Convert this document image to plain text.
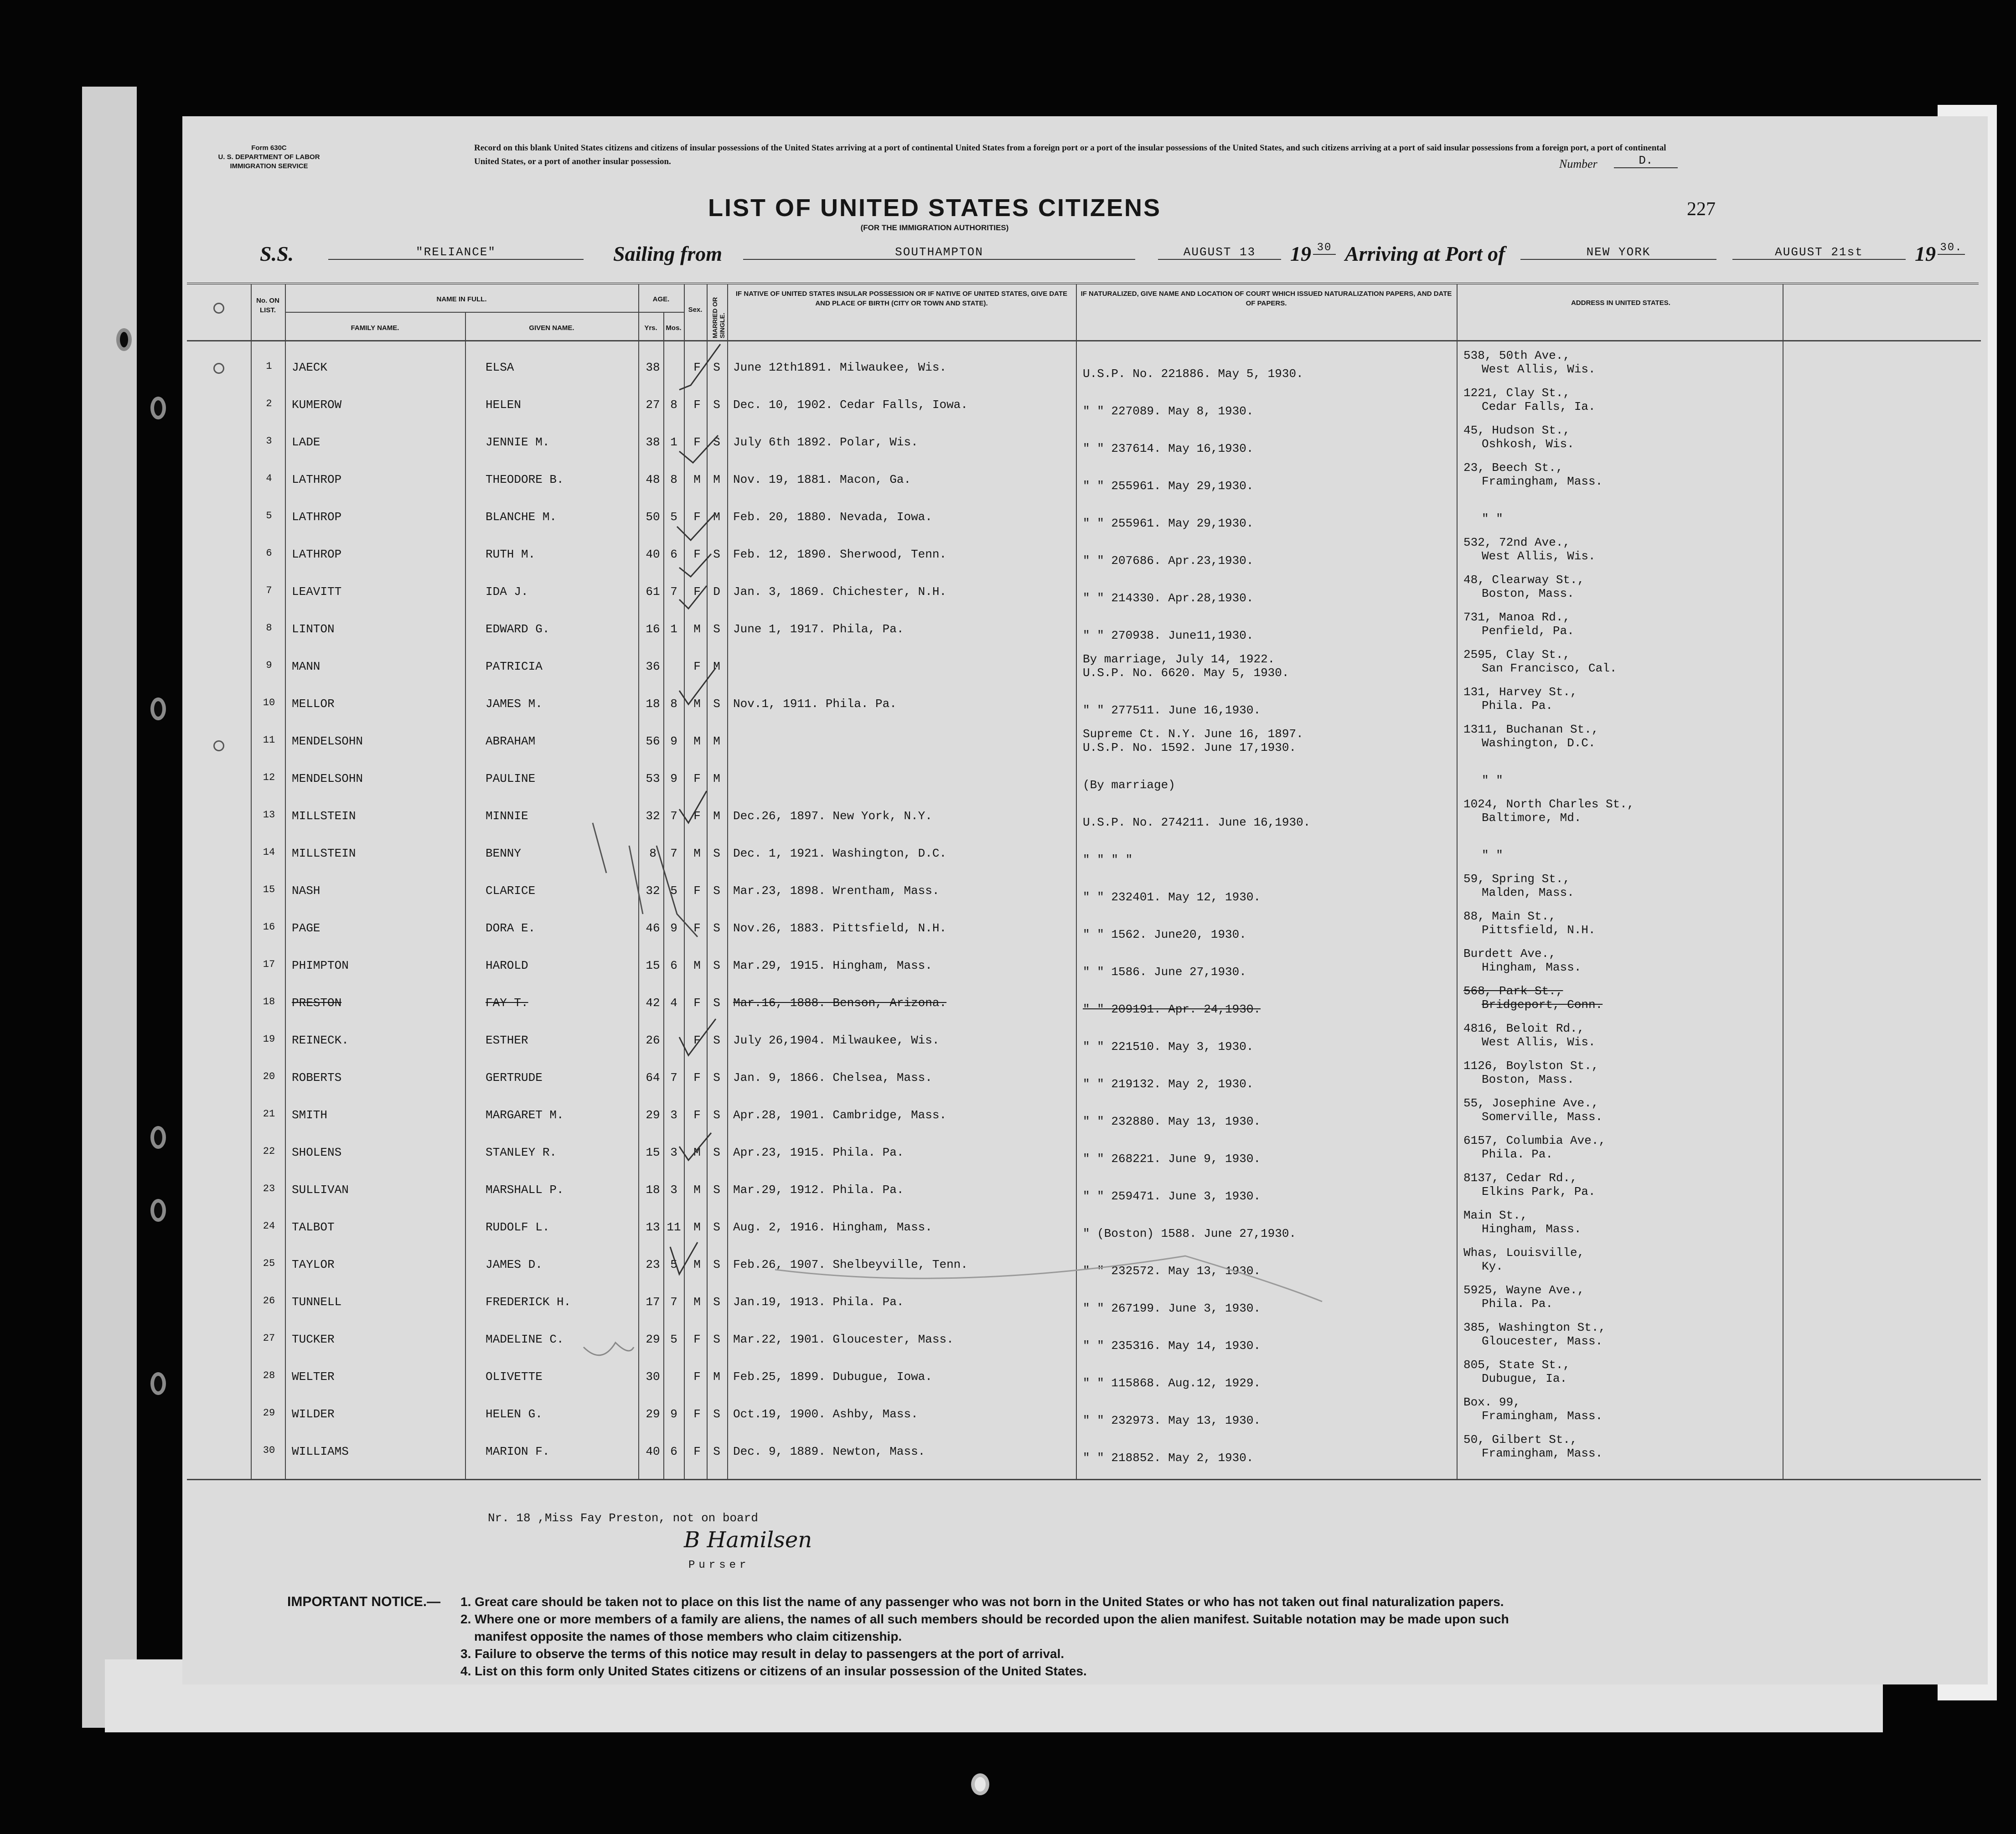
Form 630C
U. S. DEPARTMENT OF LABOR
IMMIGRATION SERVICE
Record on this blank United States citizens and citizens of insular possessions of the United States arriving at a port of continental United States from a foreign port or a port of the insular possessions of the United States, and such citizens arriving at a port of said insular possessions from a foreign port, a port of continental United States, or a port of another insular possession.	Number	D.
LIST OF UNITED STATES CITIZENS
(FOR THE IMMIGRATION AUTHORITIES)
227
S.S.	"RELIANCE"	Sailing from	SOUTHAMPTON	AUGUST 13	19 30 Arriving at Port of	NEW YORK	AUGUST 21st	19 30.
No. ON LIST.
NAME IN FULL.
FAMILY NAME.	GIVEN NAME.
AGE.
Yrs.	Mos.
Sex.	MARRIED OR SINGLE.
IF NATIVE OF UNITED STATES INSULAR POSSESSION OR IF NATIVE OF UNITED STATES, GIVE DATE AND PLACE OF BIRTH (CITY OR TOWN AND STATE).
IF NATURALIZED, GIVE NAME AND LOCATION OF COURT WHICH ISSUED NATURALIZATION PAPERS, AND DATE OF PAPERS.	ADDRESS IN UNITED STATES.
1	JAECK	ELSA	38	F	S	June 12th1891. Milwaukee, Wis.	U.S.P. No. 221886. May 5, 1930.
538, 50th Ave.,
West Allis, Wis.
2	KUMEROW	HELEN	27 8	F	S	Dec. 10, 1902. Cedar Falls, Iowa.	" " 227089. May 8, 1930.
1221, Clay St.,
Cedar Falls, Ia.
3	LADE	JENNIE M.	38 1	F	S	July 6th 1892. Polar, Wis.	" " 237614. May 16,1930.
45, Hudson St.,
Oshkosh, Wis.
4	LATHROP	THEODORE B.	48 8	M	M	Nov. 19, 1881. Macon, Ga.	" " 255961. May 29,1930.
23, Beech St.,
Framingham, Mass.
5	LATHROP	BLANCHE M.	50 5	F	M	Feb. 20, 1880. Nevada, Iowa.	" " 255961. May 29,1930.	" "
6	LATHROP	RUTH M.	40 6	F	S	Feb. 12, 1890. Sherwood, Tenn.	" " 207686. Apr.23,1930.
532, 72nd Ave.,
West Allis, Wis.
7	LEAVITT	IDA J.	61 7	F	D	Jan. 3, 1869. Chichester, N.H.	" " 214330. Apr.28,1930.
48, Clearway St.,
Boston, Mass.
8	LINTON	EDWARD G.	16 1	M	S	June 1, 1917. Phila, Pa.	" " 270938. June11,1930.
731, Manoa Rd.,
Penfield, Pa.
9	MANN	PATRICIA	36	F	M
By marriage, July 14, 1922.
U.S.P. No. 6620. May 5, 1930.
2595, Clay St.,
San Francisco, Cal.
10	MELLOR	JAMES M.	18 8	M	S	Nov.1, 1911. Phila. Pa.	" " 277511. June 16,1930.
131, Harvey St.,
Phila. Pa.
11	MENDELSOHN	ABRAHAM	56 9	M	M
Supreme Ct. N.Y. June 16, 1897.
U.S.P. No. 1592. June 17,1930.
1311, Buchanan St.,
Washington, D.C.
12	MENDELSOHN	PAULINE	53 9	F	M	(By marriage)	" "
13	MILLSTEIN	MINNIE	32 7	F	M	Dec.26, 1897. New York, N.Y.	U.S.P. No. 274211. June 16,1930.
1024, North Charles St.,
Baltimore, Md.
14	MILLSTEIN	BENNY	8	7	M	S	Dec. 1, 1921. Washington, D.C.	" " " "	" "
15	NASH	CLARICE	32 5	F	S	Mar.23, 1898. Wrentham, Mass.	" " 232401. May 12, 1930.
59, Spring St.,
Malden, Mass.
16	PAGE	DORA E.	46 9	F	S	Nov.26, 1883. Pittsfield, N.H.	" " 1562. June20, 1930.
88, Main St.,
Pittsfield, N.H.
17	PHIMPTON	HAROLD	15 6	M	S	Mar.29, 1915. Hingham, Mass.	" " 1586. June 27,1930.
Burdett Ave.,
Hingham, Mass.
18	PRESTON	FAY T.	42 4	F	S	Mar.16, 1888. Benson, Arizona.	" " 209191. Apr. 24,1930.
568, Park St.,
Bridgeport, Conn.
19	REINECK.	ESTHER	26	F	S	July 26,1904. Milwaukee, Wis.	" " 221510. May 3, 1930.
4816, Beloit Rd.,
West Allis, Wis.
20	ROBERTS	GERTRUDE	64 7	F	S	Jan. 9, 1866. Chelsea, Mass.	" " 219132. May 2, 1930.
1126, Boylston St.,
Boston, Mass.
21	SMITH	MARGARET M.	29 3	F	S	Apr.28, 1901. Cambridge, Mass.	" " 232880. May 13, 1930.
55, Josephine Ave.,
Somerville, Mass.
22	SHOLENS	STANLEY R.	15 3	M	S	Apr.23, 1915. Phila. Pa.	" " 268221. June 9, 1930.
6157, Columbia Ave.,
Phila. Pa.
23	SULLIVAN	MARSHALL P.	18 3	M	S	Mar.29, 1912. Phila. Pa.	" " 259471. June 3, 1930.
8137, Cedar Rd.,
Elkins Park, Pa.
24	TALBOT	RUDOLF L.	13 11	M	S	Aug. 2, 1916. Hingham, Mass.	" (Boston) 1588. June 27,1930.
Main St.,
Hingham, Mass.
25	TAYLOR	JAMES D.	23 5	M	S	Feb.26, 1907. Shelbeyville, Tenn.	" " 232572. May 13, 1930.
Whas, Louisville,
Ky.
26	TUNNELL	FREDERICK H.	17 7	M	S	Jan.19, 1913. Phila. Pa.	" " 267199. June 3, 1930.
5925, Wayne Ave.,
Phila. Pa.
27	TUCKER	MADELINE C.	29 5	F	S	Mar.22, 1901. Gloucester, Mass.	" " 235316. May 14, 1930.
385, Washington St.,
Gloucester, Mass.
28	WELTER	OLIVETTE	30	F	M	Feb.25, 1899. Dubugue, Iowa.	" " 115868. Aug.12, 1929.
805, State St.,
Dubugue, Ia.
29	WILDER	HELEN G.	29 9	F	S	Oct.19, 1900. Ashby, Mass.	" " 232973. May 13, 1930.
Box. 99,
Framingham, Mass.
30	WILLIAMS	MARION F.	40 6	F	S	Dec. 9, 1889. Newton, Mass.	" " 218852. May 2, 1930.
50, Gilbert St.,
Framingham, Mass.
Nr. 18 ,Miss Fay Preston, not on board
B Hamilsen
Purser
IMPORTANT NOTICE.— 1. Great care should be taken not to place on this list the name of any passenger who was not born in the United States or who has not taken out final naturalization papers.
2. Where one or more members of a family are aliens, the names of all such members should be recorded upon the alien manifest. Suitable notation may be made upon such
manifest opposite the names of those members who claim citizenship.
3. Failure to observe the terms of this notice may result in delay to passengers at the port of arrival.
4. List on this form only United States citizens or citizens of an insular possession of the United States.
